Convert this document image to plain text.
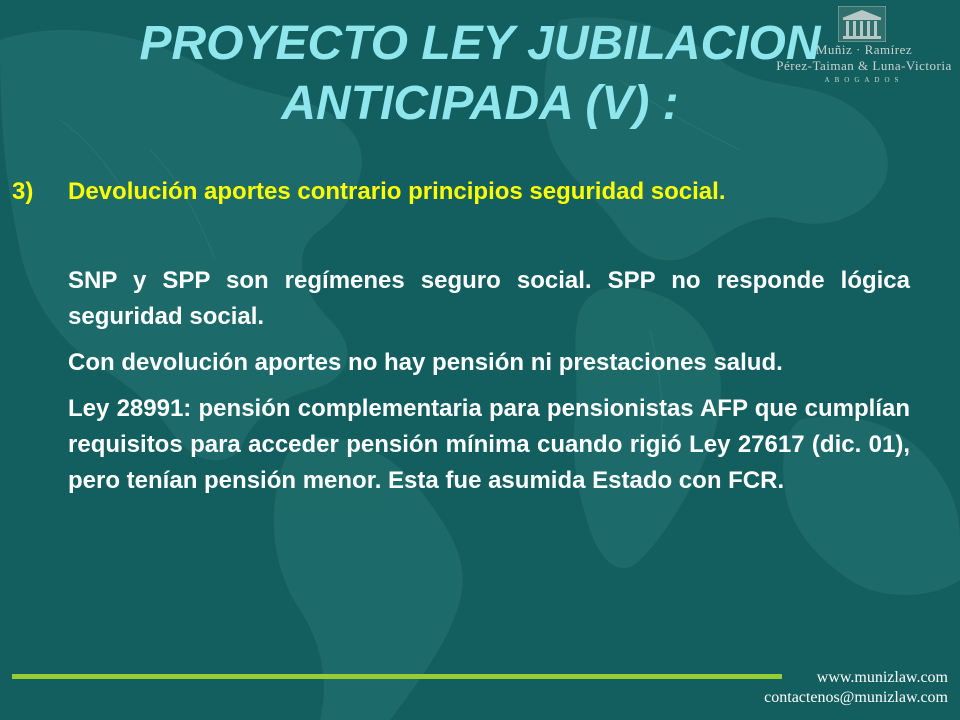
Muñiz · Ramírez
Pérez-Taiman & Luna-Victoria
ABOGADOS
PROYECTO LEY JUBILACION
ANTICIPADA (V) :
3)	Devolución aportes contrario principios seguridad social.
SNP y SPP son regímenes seguro social. SPP no responde lógica seguridad social.
Con devolución aportes no hay pensión ni prestaciones salud.
Ley 28991: pensión complementaria para pensionistas AFP que cumplían requisitos para acceder pensión mínima cuando rigió Ley 27617 (dic. 01), pero tenían pensión menor. Esta fue asumida Estado con FCR.
www.munizlaw.com
contactenos@munizlaw.com
